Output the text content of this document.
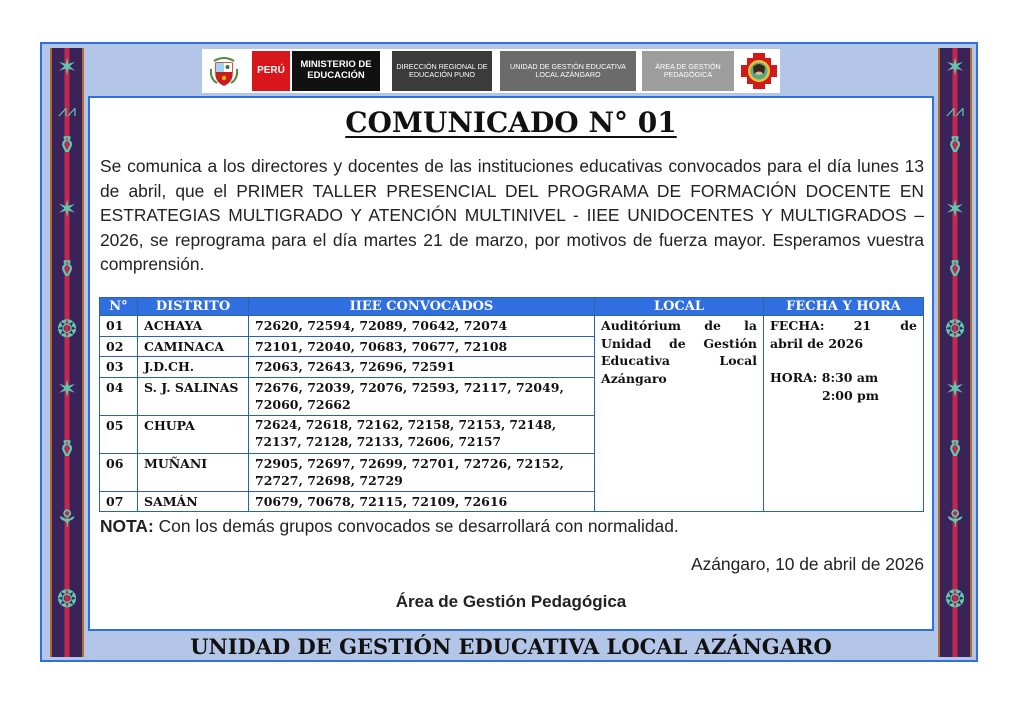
✶
⩘⩘
⚱
✶
⚱
❂
✶
⚱
⚘
❂
✶
⩘⩘
⚱
✶
⚱
❂
✶
⚱
⚘
❂
PERÚ
MINISTERIO DE EDUCACIÓN
DIRECCIÓN REGIONAL DE EDUCACIÓN PUNO
UNIDAD DE GESTIÓN EDUCATIVA LOCAL AZÁNGARO
ÁREA DE GESTIÓN PEDAGÓGICA
COMUNICADO N° 01
Se comunica a los directores y docentes de las instituciones educativas convocados para el día lunes 13 de abril, que el PRIMER TALLER PRESENCIAL DEL PROGRAMA DE FORMACIÓN DOCENTE EN ESTRATEGIAS MULTIGRADO Y ATENCIÓN MULTINIVEL - IIEE UNIDOCENTES Y MULTIGRADOS – 2026, se reprograma para el día martes 21 de marzo, por motivos de fuerza mayor. Esperamos vuestra comprensión.
N°	DISTRITO	IIEE CONVOCADOS	LOCAL	FECHA Y HORA
01	ACHAYA	72620, 72594, 72089, 70642, 72074	Auditórium de la Unidad de Gestión Educativa Local Azángaro	FECHA: 21 de
abril de 2026
HORA: 8:30 am
2:00 pm

02	CAMINACA	72101, 72040, 70683, 70677, 72108		
03	J.D.CH.	72063, 72643, 72696, 72591		
04	S. J. SALINAS	72676, 72039, 72076, 72593, 72117, 72049, 72060, 72662		
05	CHUPA	72624, 72618, 72162, 72158, 72153, 72148, 72137, 72128, 72133, 72606, 72157		
06	MUÑANI	72905, 72697, 72699, 72701, 72726, 72152, 72727, 72698, 72729		
07	SAMÁN	70679, 70678, 72115, 72109, 72616		
NOTA: Con los demás grupos convocados se desarrollará con normalidad.
Azángaro, 10 de abril de 2026
Área de Gestión Pedagógica
UNIDAD DE GESTIÓN EDUCATIVA LOCAL AZÁNGARO
